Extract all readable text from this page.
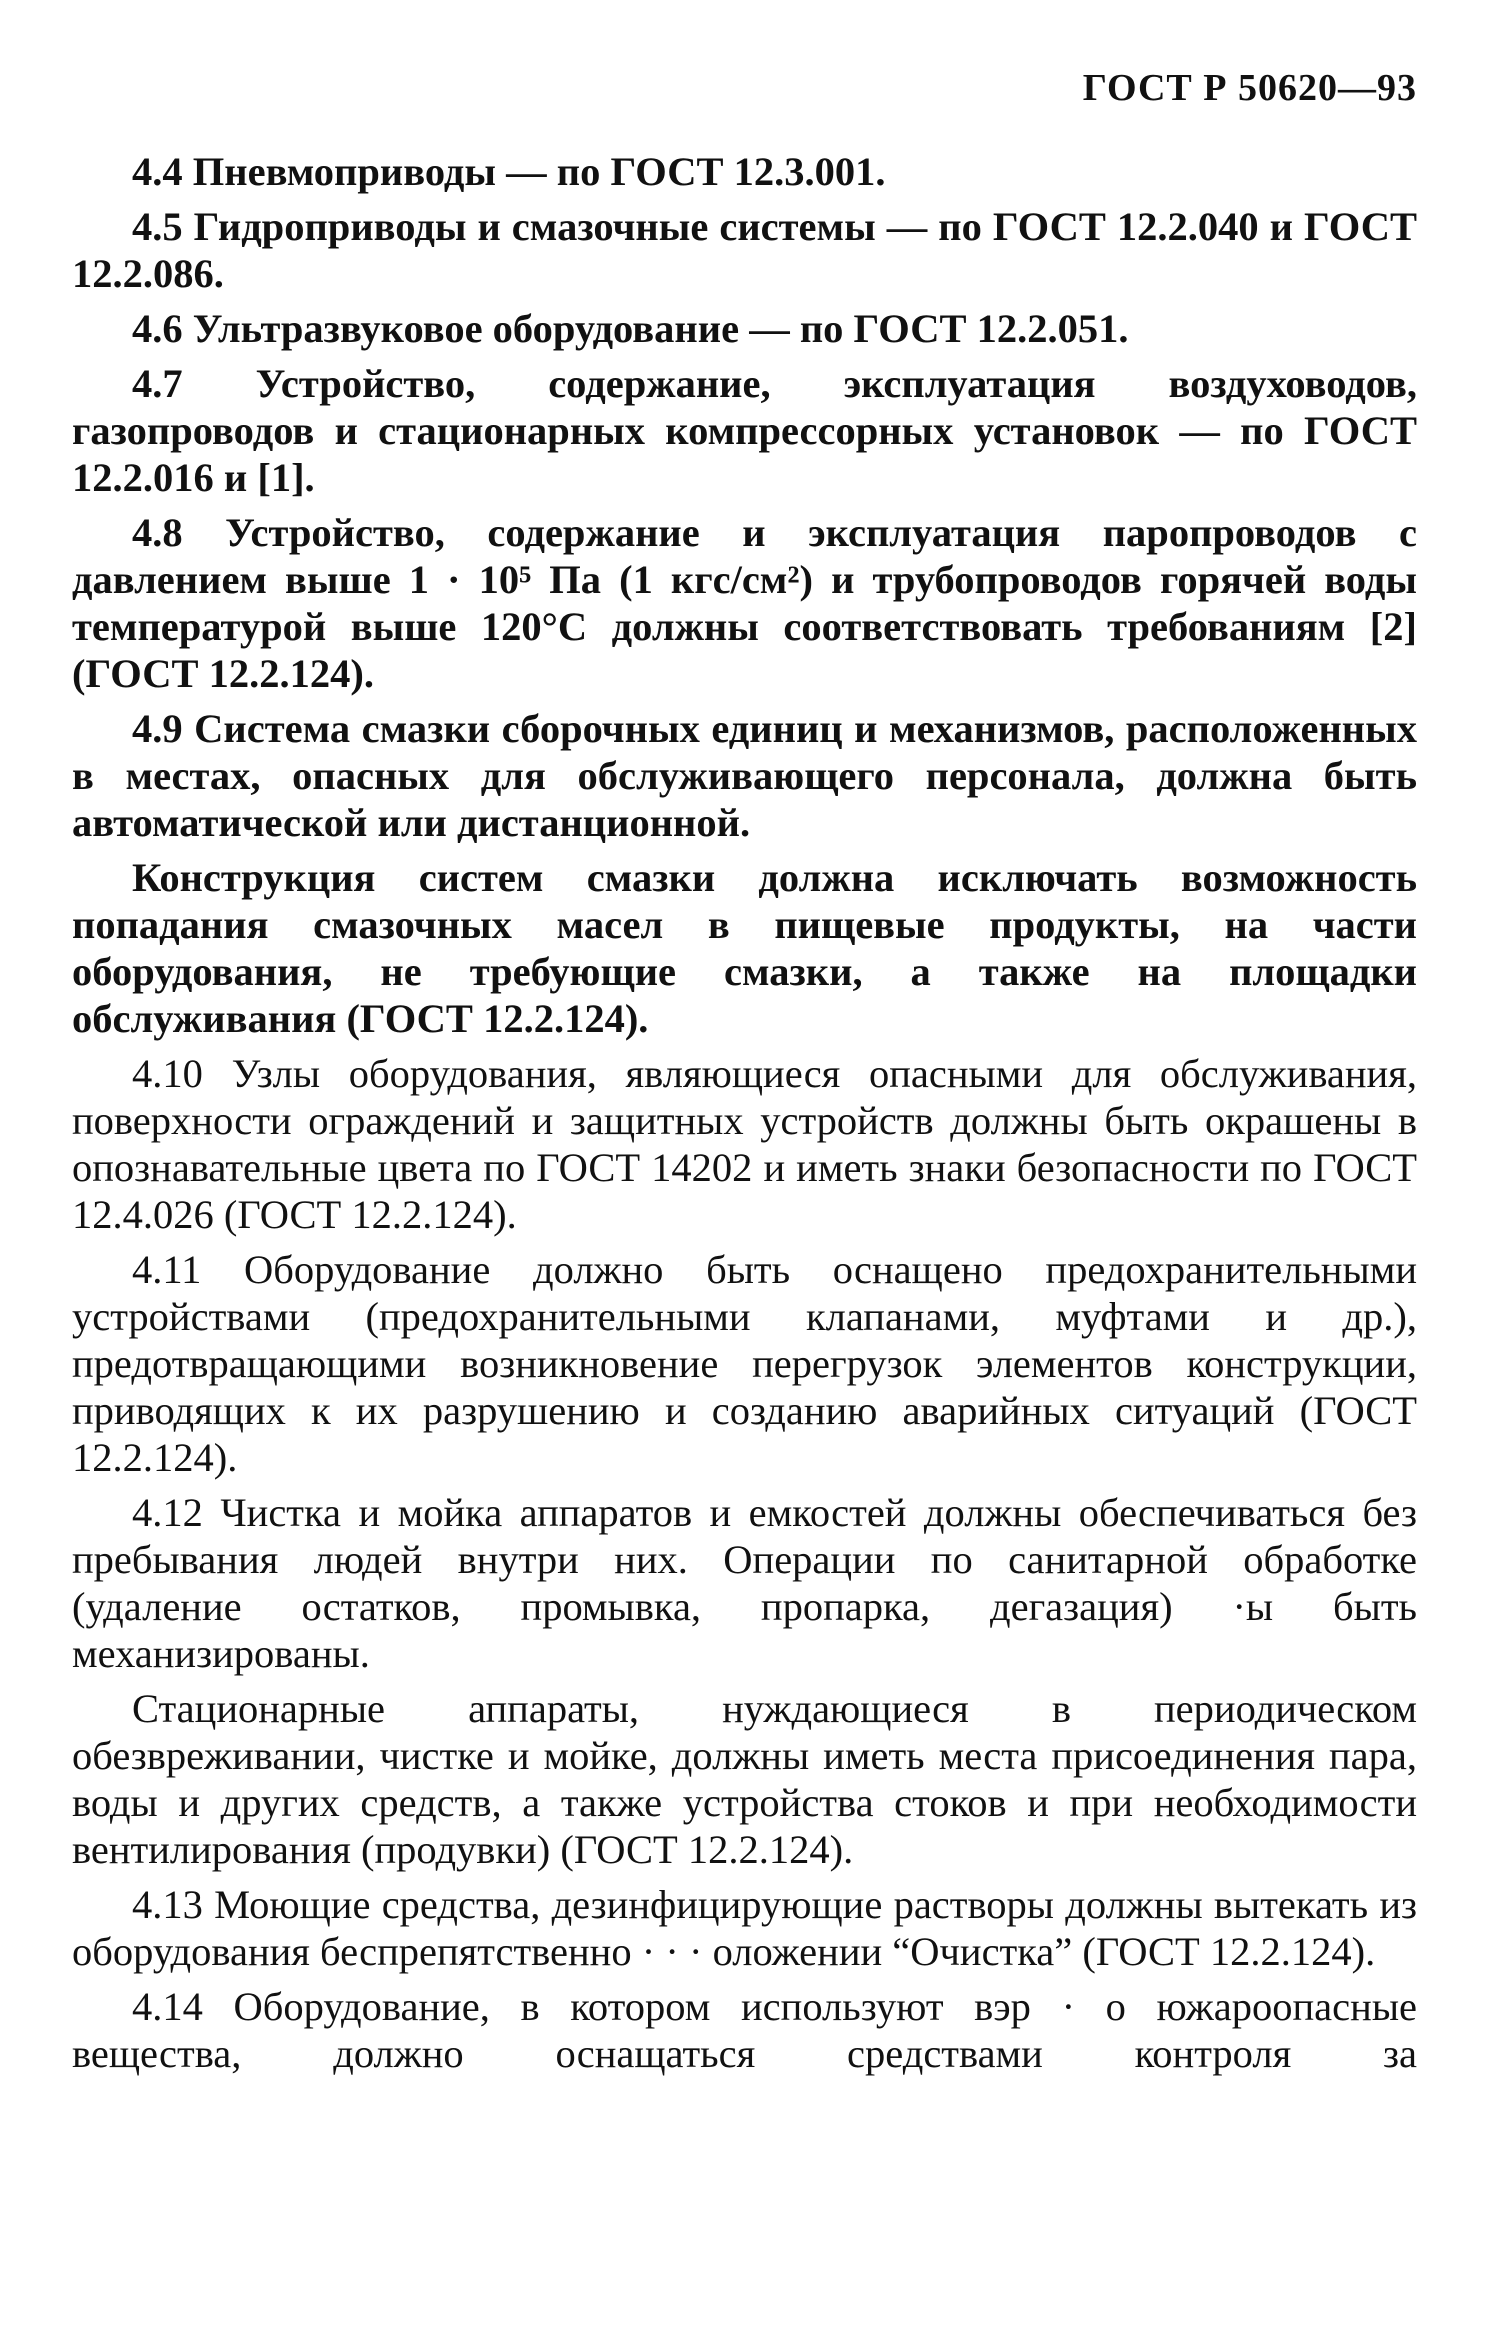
ГОСТ Р 50620—93

4.4 Пневмоприводы — по ГОСТ 12.3.001.

4.5 Гидроприводы и смазочные системы — по ГОСТ 12.2.040 и ГОСТ 12.2.086.

4.6 Ультразвуковое оборудование — по ГОСТ 12.2.051.

4.7 Устройство, содержание, эксплуатация воздуховодов, газопроводов и стационарных компрессорных установок — по ГОСТ 12.2.016 и [1].

4.8 Устройство, содержание и эксплуатация паропроводов с давлением выше 1 · 10⁵ Па (1 кгс/см²) и трубопроводов горячей воды температурой выше 120°С должны соответствовать требованиям [2] (ГОСТ 12.2.124).

4.9 Система смазки сборочных единиц и механизмов, расположенных в местах, опасных для обслуживающего персонала, должна быть автоматической или дистанционной.

Конструкция систем смазки должна исключать возможность попадания смазочных масел в пищевые продукты, на части оборудования, не требующие смазки, а также на площадки обслуживания (ГОСТ 12.2.124).

4.10 Узлы оборудования, являющиеся опасными для обслуживания, поверхности ограждений и защитных устройств должны быть окрашены в опознавательные цвета по ГОСТ 14202 и иметь знаки безопасности по ГОСТ 12.4.026 (ГОСТ 12.2.124).

4.11 Оборудование должно быть оснащено предохранительными устройствами (предохранительными клапанами, муфтами и др.), предотвращающими возникновение перегрузок элементов конструкции, приводящих к их разрушению и созданию аварийных ситуаций (ГОСТ 12.2.124).

4.12 Чистка и мойка аппаратов и емкостей должны обеспечиваться без пребывания людей внутри них. Операции по санитарной обработке (удаление остатков, промывка, пропарка, дегазация) ·ы быть механизированы.

Стационарные аппараты, нуждающиеся в периодическом обезвреживании, чистке и мойке, должны иметь места присоединения пара, воды и других средств, а также устройства стоков и при необходимости вентилирования (продувки) (ГОСТ 12.2.124).

4.13 Моющие средства, дезинфицирующие растворы должны вытекать из оборудования беспрепятственно · · · оложении “Очистка” (ГОСТ 12.2.124).

4.14 Оборудование, в котором используют вэр · о южароопасные вещества, должно оснащаться средствами контроля за
